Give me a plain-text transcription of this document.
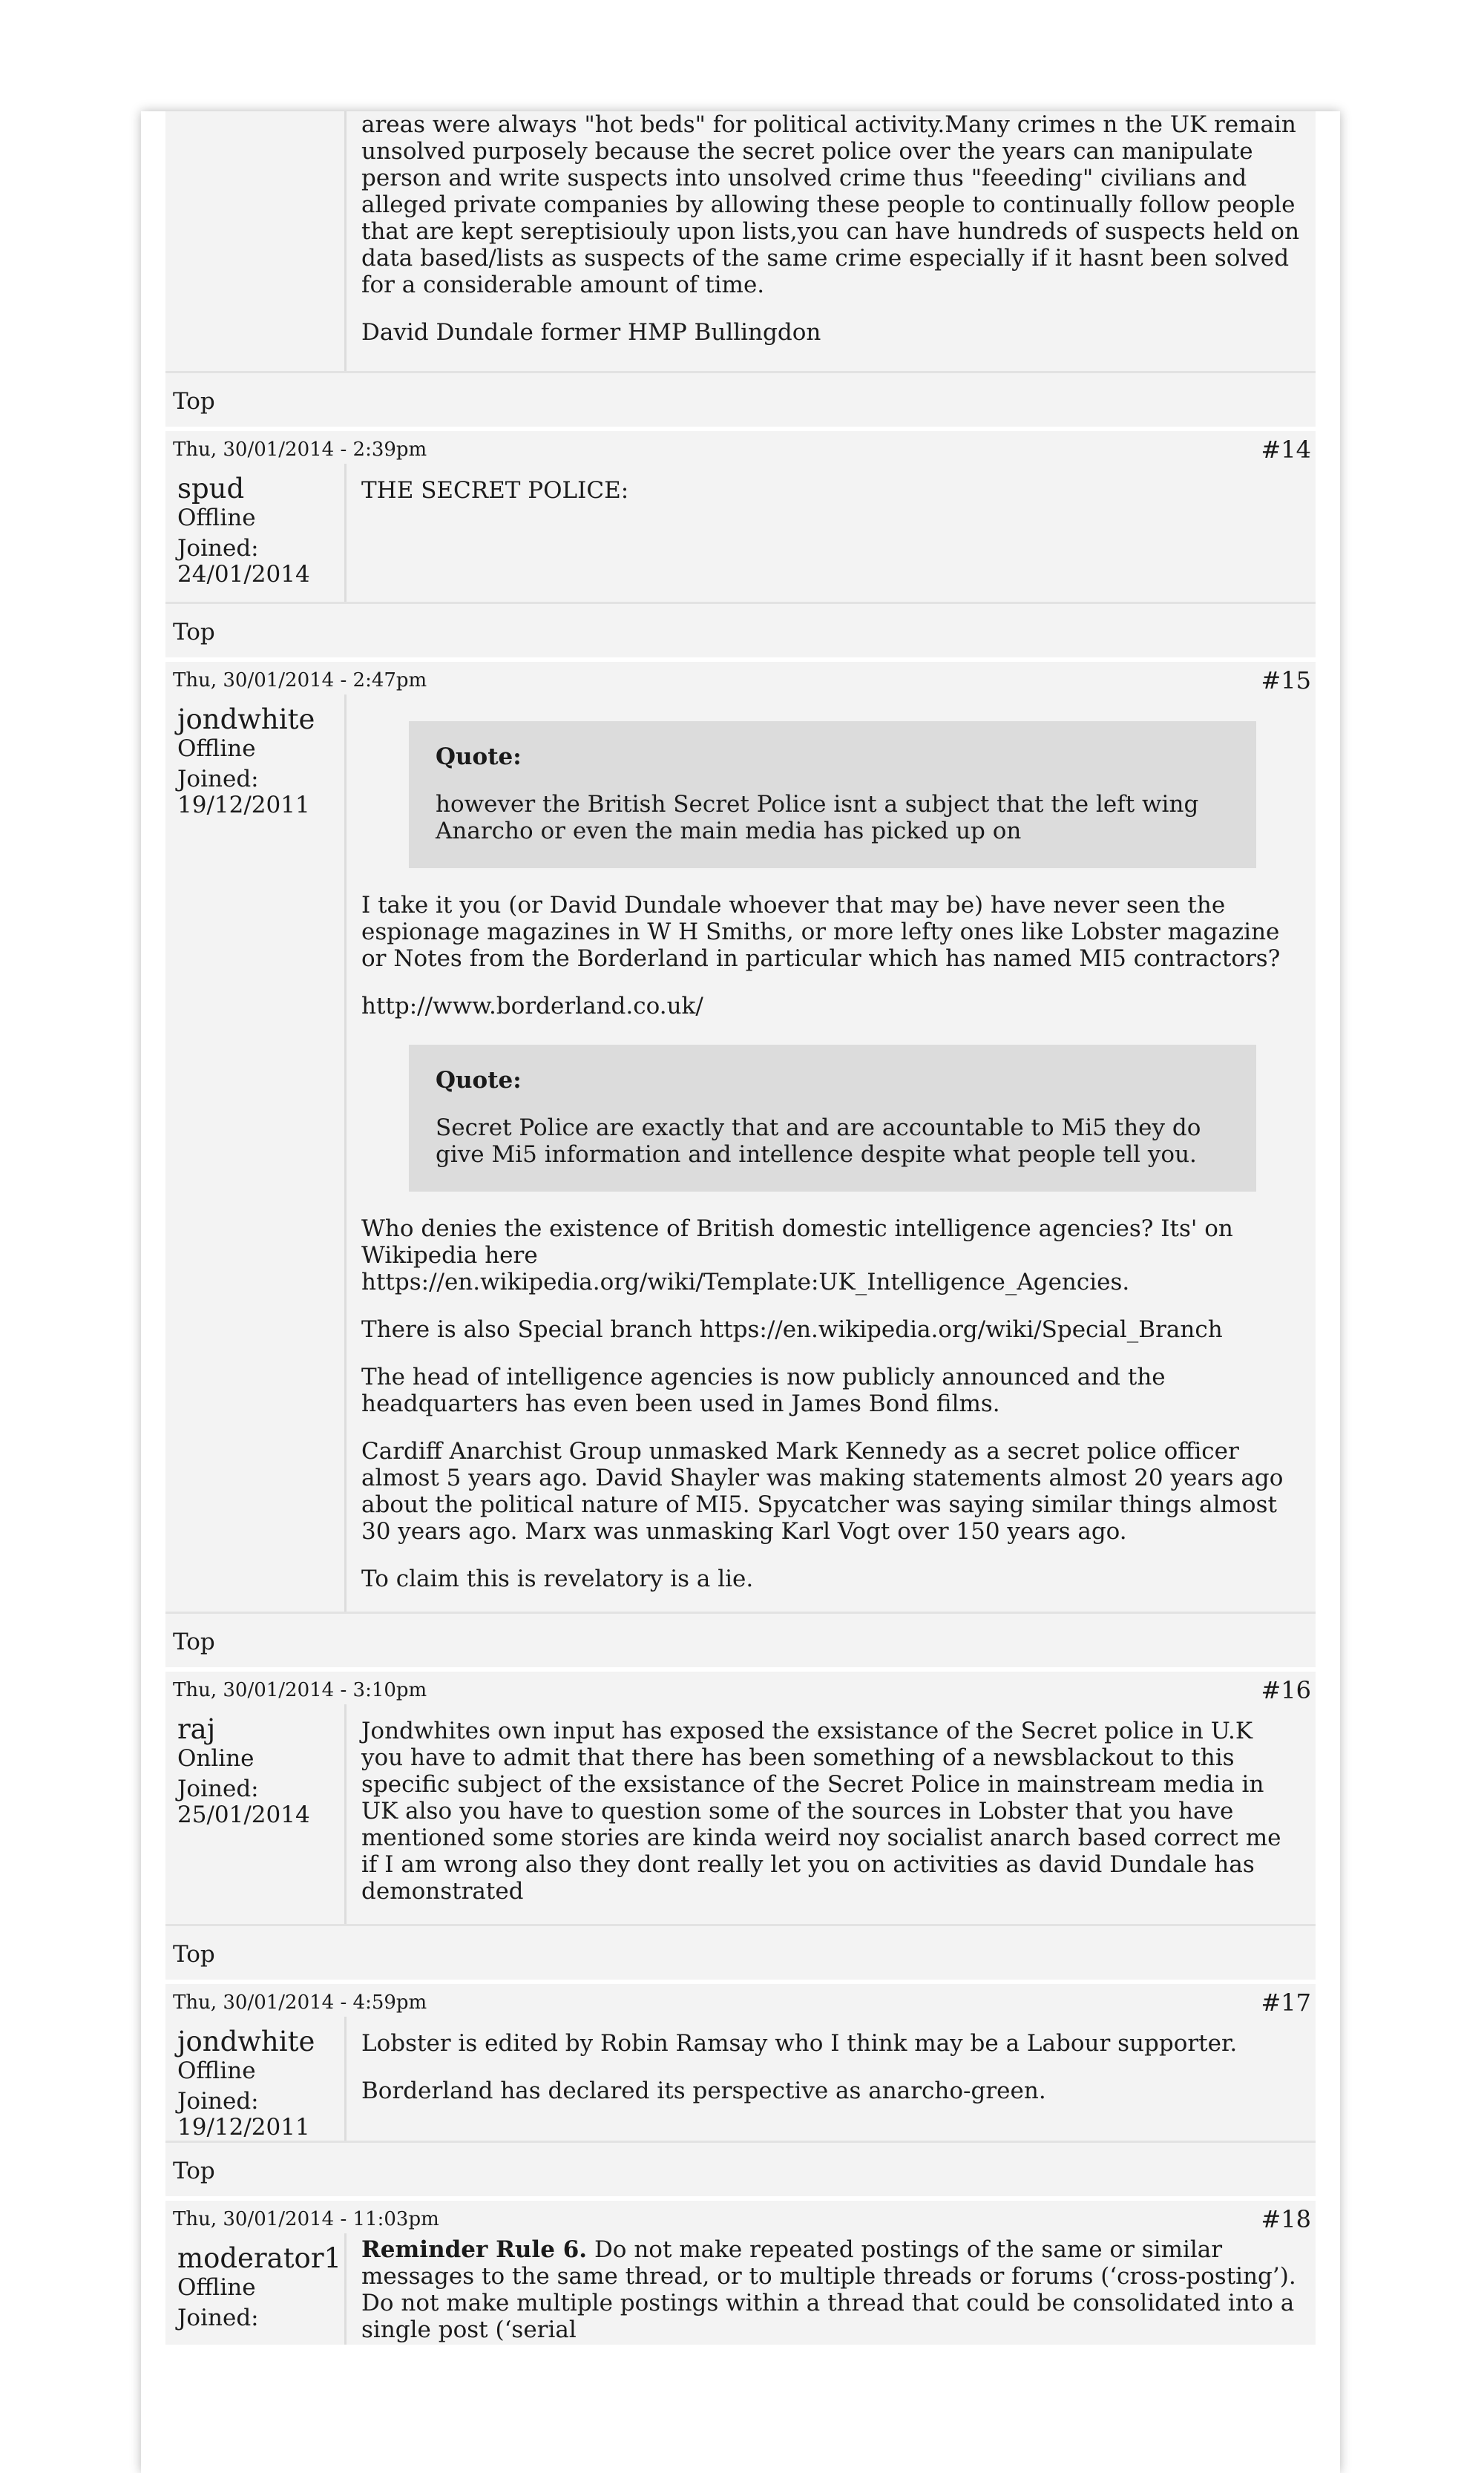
areas were always "hot beds" for political activity.Many crimes n the UK remain unsolved purposely because the secret police over the years can manipulate person and write suspects into unsolved crime thus "feeeding" civilians and alleged private companies by allowing these people to continually follow people that are kept sereptisiouly upon lists,you can have hundreds of suspects held on data based/lists as suspects of the same crime especially if it hasnt been solved for a considerable amount of time.

David Dundale former HMP Bullingdon

Top
Thu, 30/01/2014 - 2:39pm	#14
spud
Offline
Joined:
24/01/2014

THE SECRET POLICE:

Top
Thu, 30/01/2014 - 2:47pm	#15
jondwhite
Offline
Joined:
19/12/2011
Quote:
however the British Secret Police isnt a subject that the left wing Anarcho or even the main media has picked up on

I take it you (or David Dundale whoever that may be) have never seen the espionage magazines in W H Smiths, or more lefty ones like Lobster magazine or Notes from the Borderland in particular which has named MI5 contractors?

http://www.borderland.co.uk/

Quote:
Secret Police are exactly that and are accountable to Mi5 they do give Mi5 information and intellence despite what people tell you.

Who denies the existence of British domestic intelligence agencies? Its' on Wikipedia here https://en.wikipedia.org/wiki/Template:UK_Intelligence_Agencies.

There is also Special branch https://en.wikipedia.org/wiki/Special_Branch

The head of intelligence agencies is now publicly announced and the headquarters has even been used in James Bond films.

Cardiff Anarchist Group unmasked Mark Kennedy as a secret police officer almost 5 years ago. David Shayler was making statements almost 20 years ago about the political nature of MI5. Spycatcher was saying similar things almost 30 years ago. Marx was unmasking Karl Vogt over 150 years ago.

To claim this is revelatory is a lie.

Top
Thu, 30/01/2014 - 3:10pm	#16
raj
Online
Joined:
25/01/2014

Jondwhites own input has exposed the exsistance of the Secret police in U.K you have to admit that there has been something of a newsblackout to this specific subject of the exsistance of the Secret Police in mainstream media in UK also you have to question some of the sources in Lobster that you have mentioned some stories are kinda weird noy socialist anarch based correct me if I am wrong also they dont really let you on activities as david Dundale has demonstrated

Top
Thu, 30/01/2014 - 4:59pm	#17
jondwhite
Offline
Joined:
19/12/2011

Lobster is edited by Robin Ramsay who I think may be a Labour supporter.

Borderland has declared its perspective as anarcho-green.

Top
Thu, 30/01/2014 - 11:03pm	#18
moderator1
Offline
Joined:

Reminder Rule 6. Do not make repeated postings of the same or similar messages to the same thread, or to multiple threads or forums (‘cross-posting’). Do not make multiple postings within a thread that could be consolidated into a single post (‘serial
